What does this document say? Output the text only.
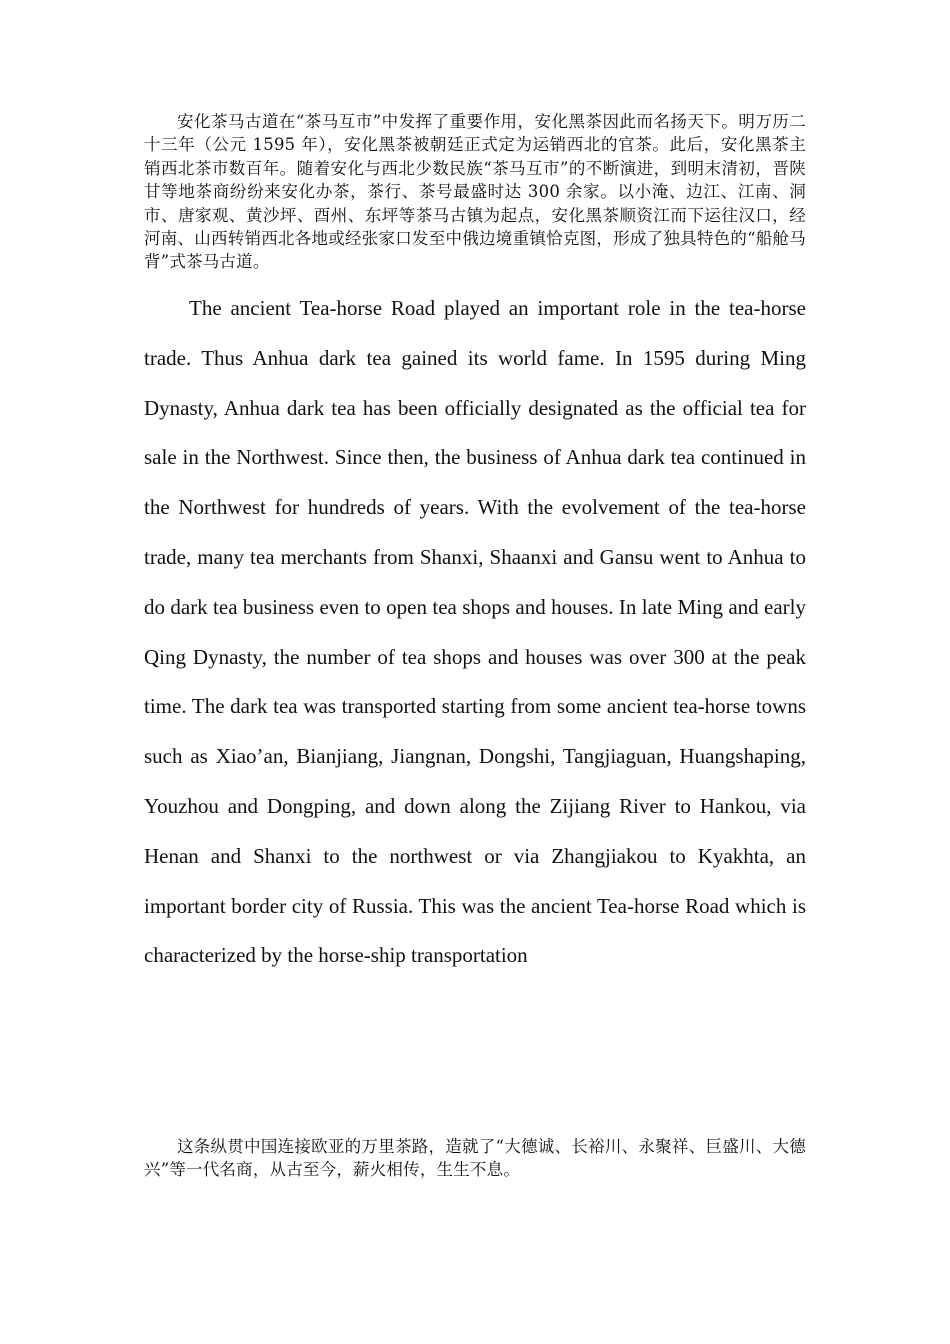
安化茶马古道在“茶马互市”中发挥了重要作用，安化黑茶因此而名扬天下。明万历二十三年（公元 1595 年），安化黑茶被朝廷正式定为运销西北的官茶。此后，安化黑茶主销西北茶市数百年。随着安化与西北少数民族“茶马互市”的不断演进，到明末清初，晋陕甘等地茶商纷纷来安化办茶，茶行、茶号最盛时达 300 余家。以小淹、边江、江南、洞市、唐家观、黄沙坪、酉州、东坪等茶马古镇为起点，安化黑茶顺资江而下运往汉口，经河南、山西转销西北各地或经张家口发至中俄边境重镇恰克图，形成了独具特色的“船舱马背”式茶马古道。

The ancient Tea-horse Road played an important role in the tea-horse trade. Thus Anhua dark tea gained its world fame. In 1595 during Ming Dynasty, Anhua dark tea has been officially designated as the official tea for sale in the Northwest. Since then, the business of Anhua dark tea continued in the Northwest for hundreds of years. With the evolvement of the tea-horse trade, many tea merchants from Shanxi, Shaanxi and Gansu went to Anhua to do dark tea business even to open tea shops and houses. In late Ming and early Qing Dynasty, the number of tea shops and houses was over 300 at the peak time. The dark tea was transported starting from some ancient tea-horse towns such as Xiao’an, Bianjiang, Jiangnan, Dongshi, Tangjiaguan, Huangshaping, Youzhou and Dongping, and down along the Zijiang River to Hankou, via Henan and Shanxi to the northwest or via Zhangjiakou to Kyakhta, an important border city of Russia. This was the ancient Tea-horse Road which is characterized by the horse-ship transportation

这条纵贯中国连接欧亚的万里茶路，造就了“大德诚、长裕川、永聚祥、巨盛川、大德兴”等一代名商，从古至今，薪火相传，生生不息。
